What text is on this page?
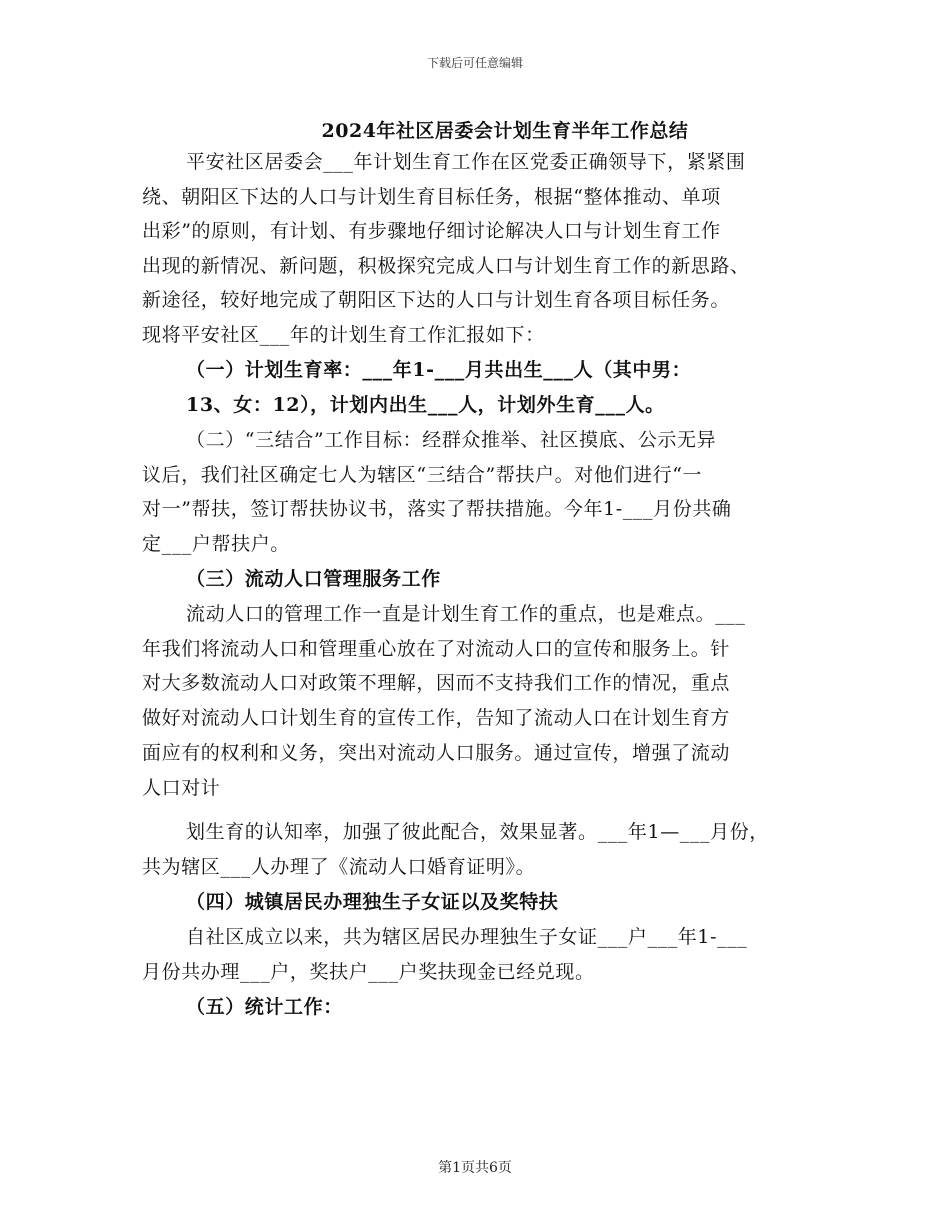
下载后可任意编辑
2024年社区居委会计划生育半年工作总结
平安社区居委会___年计划生育工作在区党委正确领导下，紧紧围
绕、朝阳区下达的人口与计划生育目标任务，根据“整体推动、单项
出彩”的原则，有计划、有步骤地仔细讨论解决人口与计划生育工作
出现的新情况、新问题，积极探究完成人口与计划生育工作的新思路、
新途径，较好地完成了朝阳区下达的人口与计划生育各项目标任务。
现将平安社区___年的计划生育工作汇报如下：
（一）计划生育率：___年1-___月共出生___人（其中男：
13、女：12），计划内出生___人，计划外生育___人。
（二）“三结合”工作目标：经群众推举、社区摸底、公示无异
议后，我们社区确定七人为辖区“三结合”帮扶户。对他们进行“一
对一”帮扶，签订帮扶协议书，落实了帮扶措施。今年1-___月份共确
定___户帮扶户。
（三）流动人口管理服务工作
流动人口的管理工作一直是计划生育工作的重点，也是难点。___
年我们将流动人口和管理重心放在了对流动人口的宣传和服务上。针
对大多数流动人口对政策不理解，因而不支持我们工作的情况，重点
做好对流动人口计划生育的宣传工作，告知了流动人口在计划生育方
面应有的权利和义务，突出对流动人口服务。通过宣传，增强了流动
人口对计
划生育的认知率，加强了彼此配合，效果显著。___年1—___月份，
共为辖区___人办理了《流动人口婚育证明》。
（四）城镇居民办理独生子女证以及奖特扶
自社区成立以来，共为辖区居民办理独生子女证___户___年1-___
月份共办理___户，奖扶户___户奖扶现金已经兑现。
（五）统计工作：
第1页共6页
